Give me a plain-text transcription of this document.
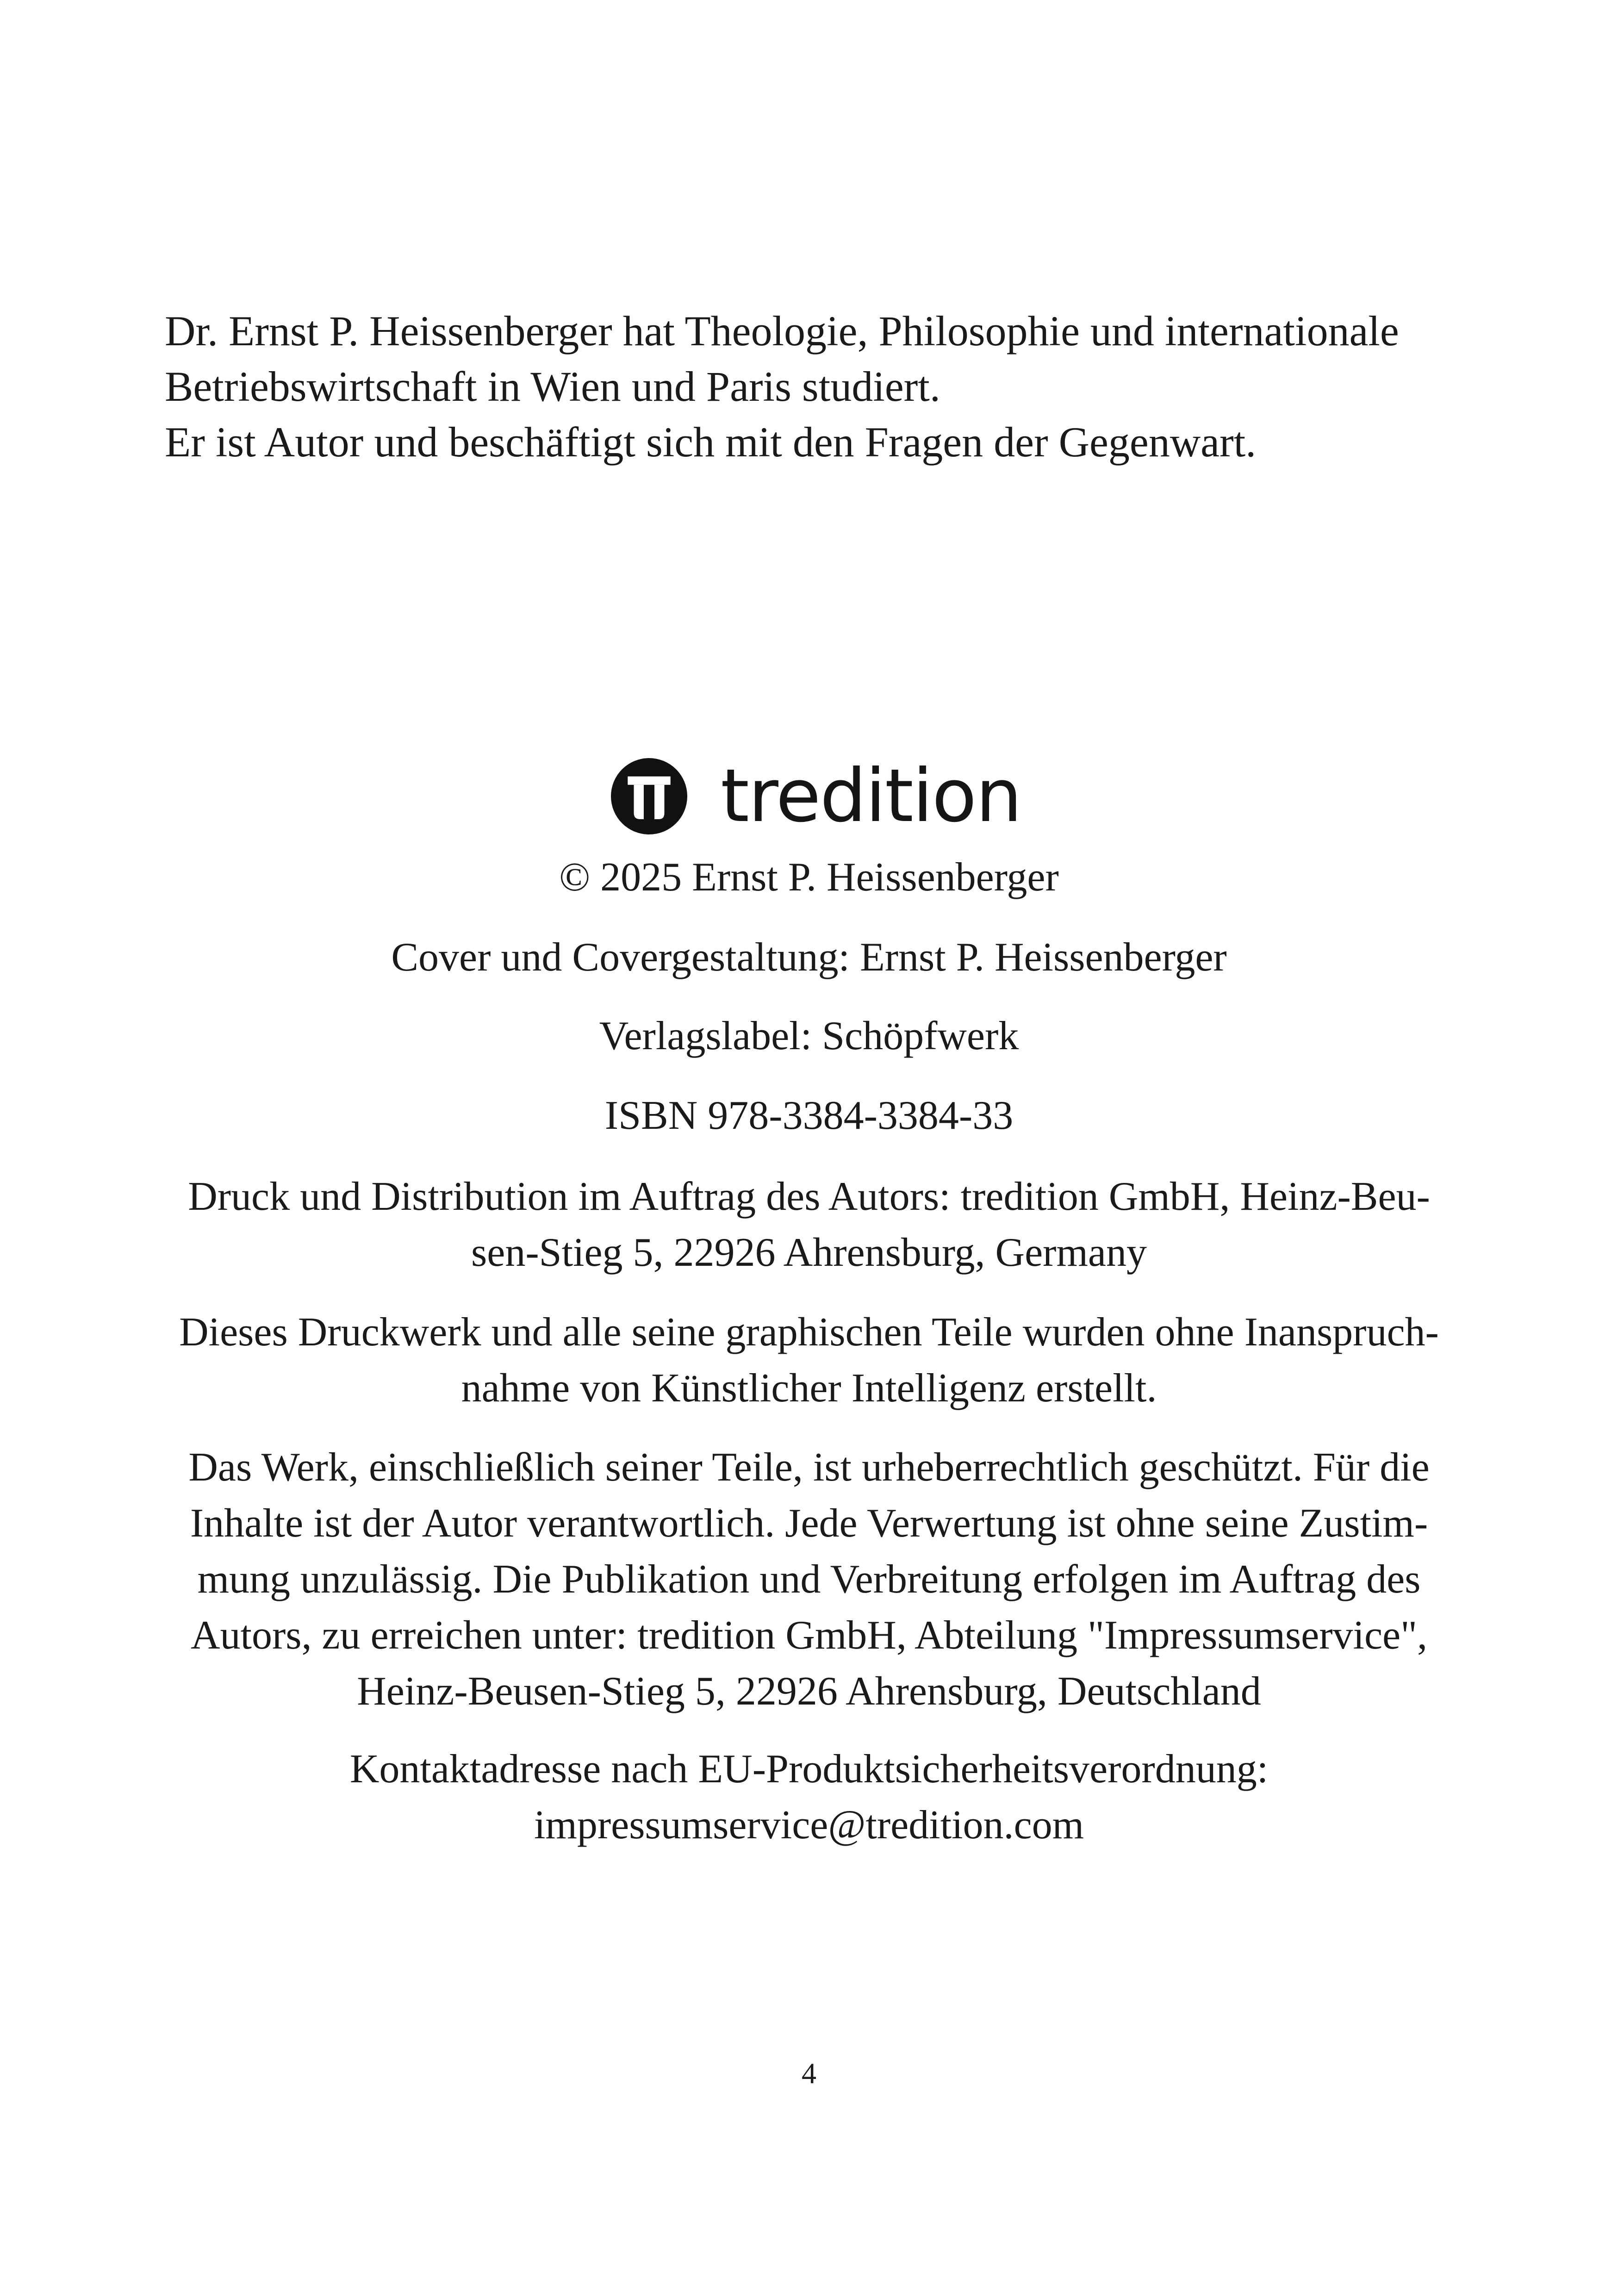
Dr. Ernst P. Heissenberger hat Theologie, Philosophie und internationale
Betriebswirtschaft in Wien und Paris studiert.
Er ist Autor und beschäftigt sich mit den Fragen der Gegenwart.
tredition
© 2025 Ernst P. Heissenberger
Cover und Covergestaltung: Ernst P. Heissenberger
Verlagslabel: Schöpfwerk
ISBN 978-3384-3384-33
Druck und Distribution im Auftrag des Autors: tredition GmbH, Heinz-Beu-
sen-Stieg 5, 22926 Ahrensburg, Germany
Dieses Druckwerk und alle seine graphischen Teile wurden ohne Inanspruch-
nahme von Künstlicher Intelligenz erstellt.
Das Werk, einschließlich seiner Teile, ist urheberrechtlich geschützt. Für die
Inhalte ist der Autor verantwortlich. Jede Verwertung ist ohne seine Zustim-
mung unzulässig. Die Publikation und Verbreitung erfolgen im Auftrag des
Autors, zu erreichen unter: tredition GmbH, Abteilung "Impressumservice",
Heinz-Beusen-Stieg 5, 22926 Ahrensburg, Deutschland
Kontaktadresse nach EU-Produktsicherheitsverordnung:
impressumservice@tredition.com
4
